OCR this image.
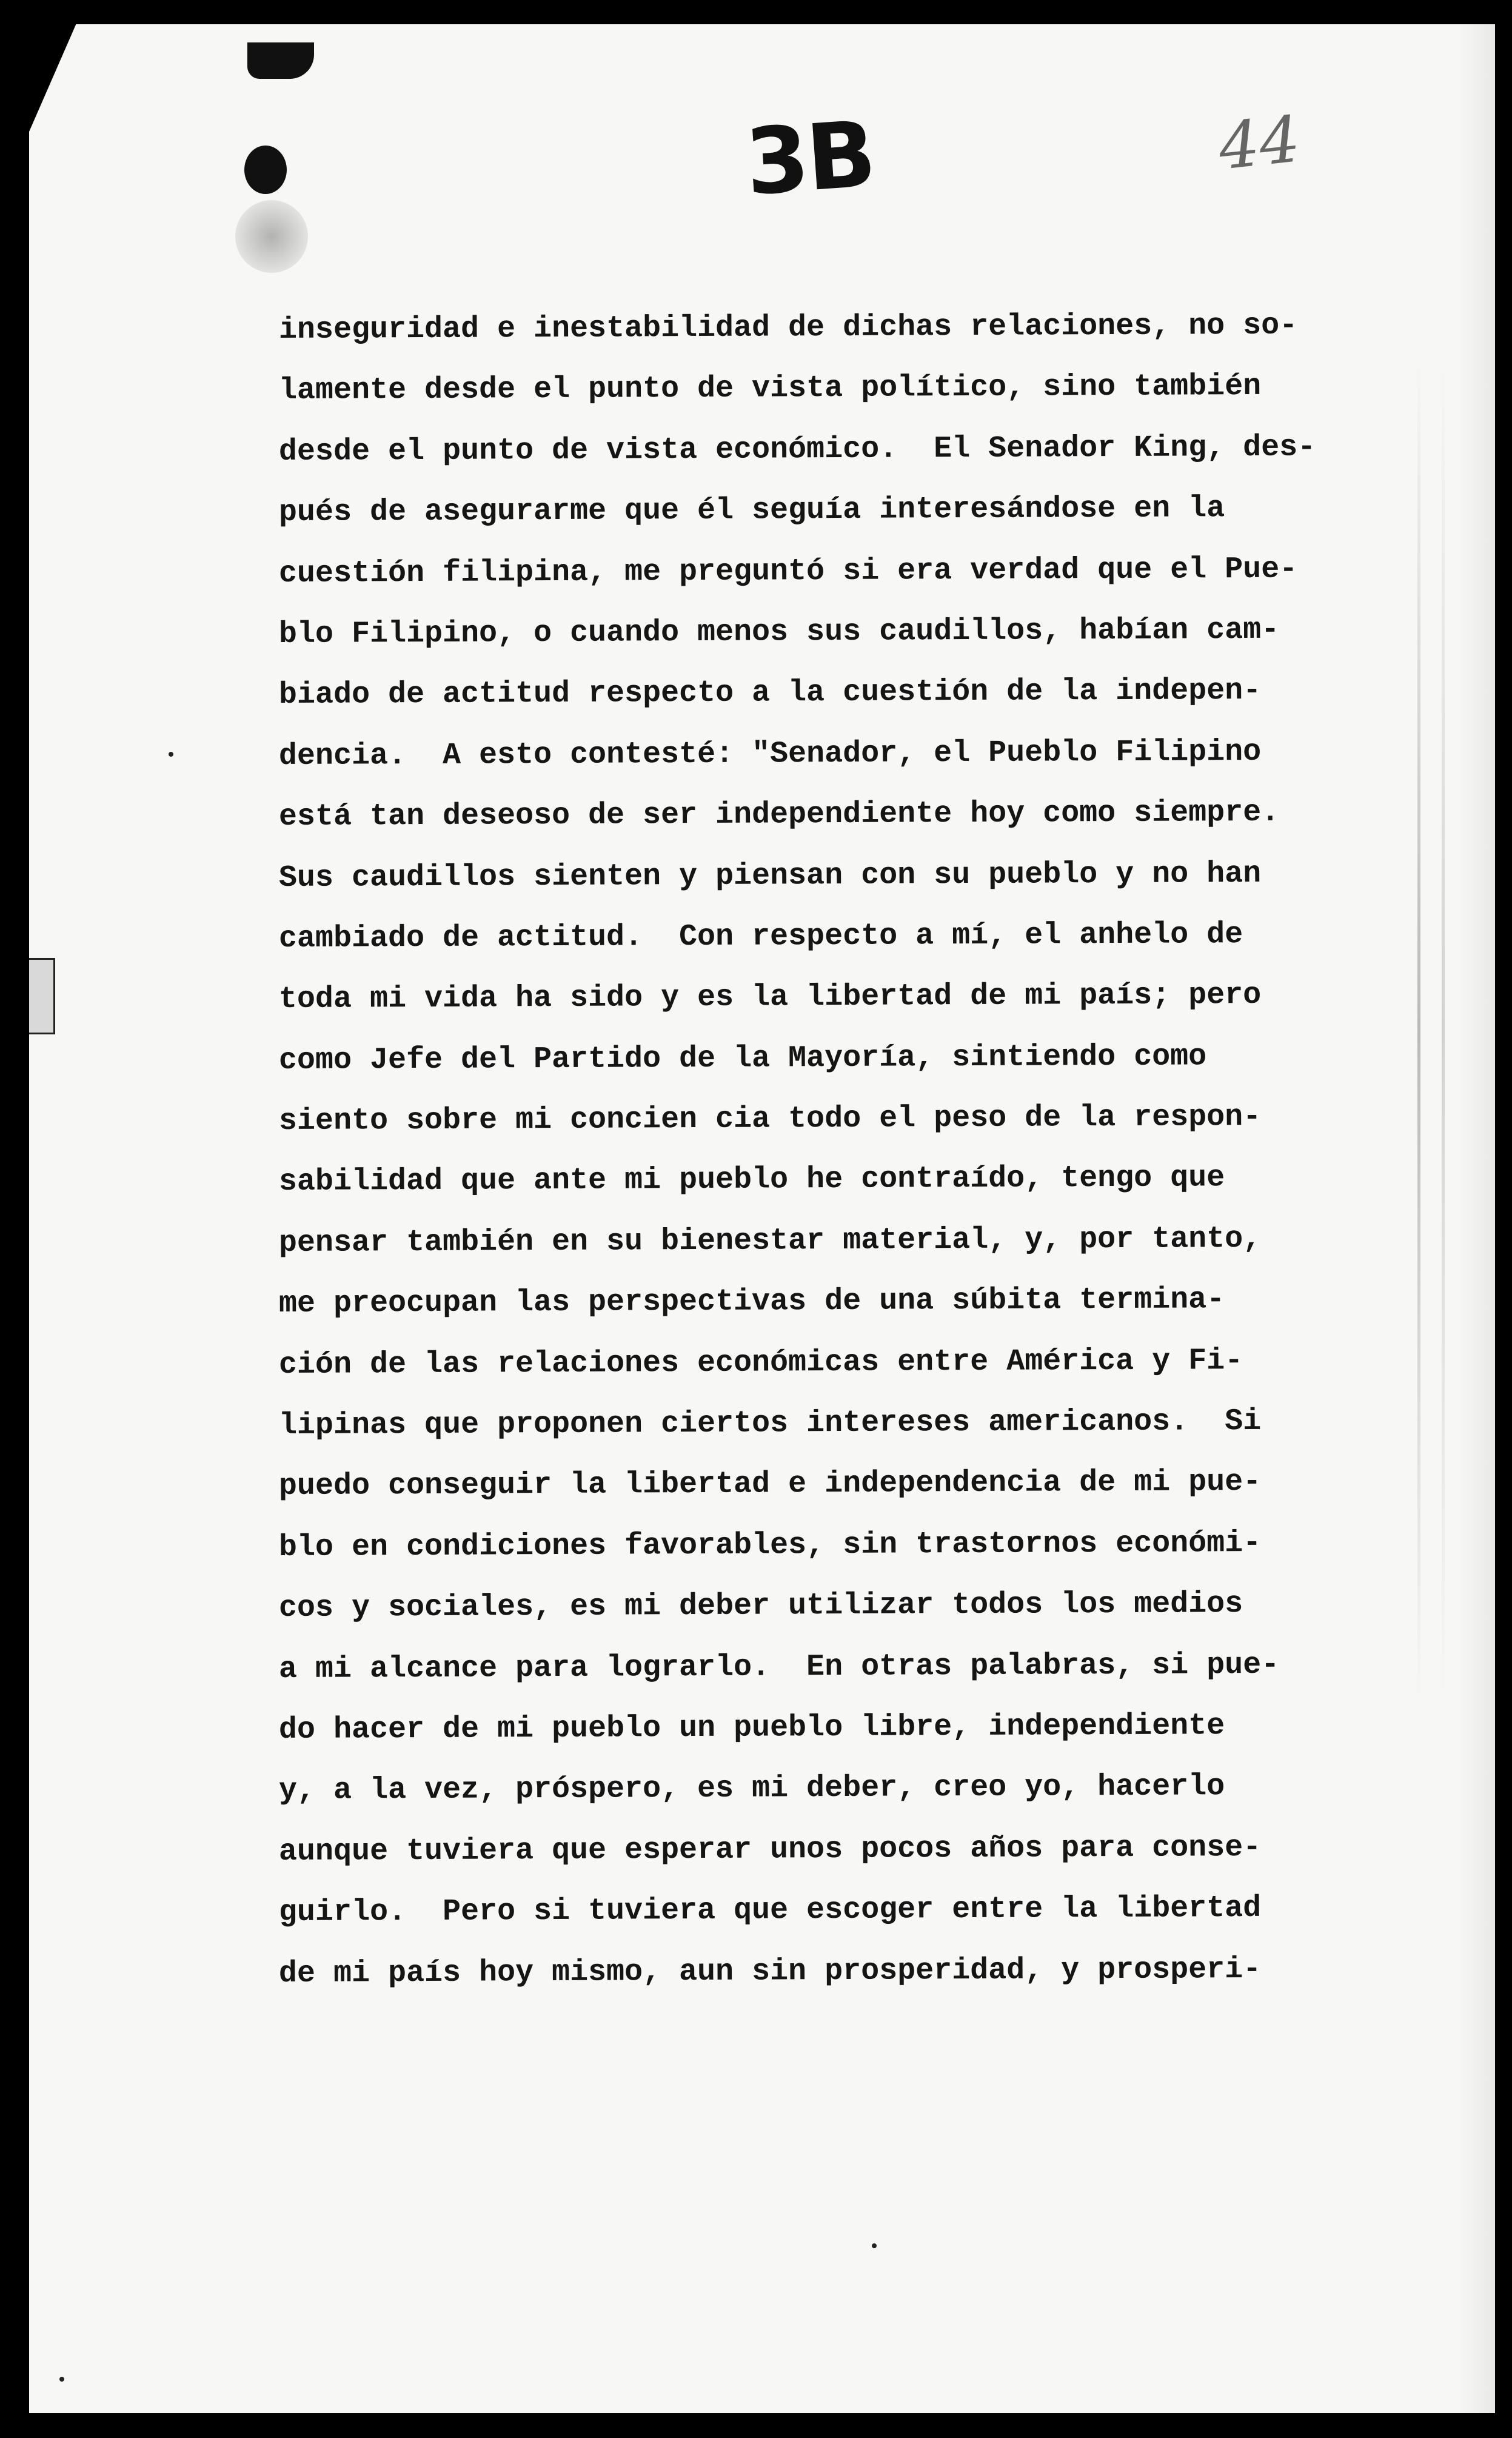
3B	44
inseguridad e inestabilidad de dichas relaciones, no so-
lamente desde el punto de vista político, sino también
desde el punto de vista económico.  El Senador King, des-
pués de asegurarme que él seguía interesándose en la
cuestión filipina, me preguntó si era verdad que el Pue-
blo Filipino, o cuando menos sus caudillos, habían cam-
biado de actitud respecto a la cuestión de la indepen-
dencia.  A esto contesté: "Senador, el Pueblo Filipino
está tan deseoso de ser independiente hoy como siempre.
Sus caudillos sienten y piensan con su pueblo y no han
cambiado de actitud.  Con respecto a mí, el anhelo de
toda mi vida ha sido y es la libertad de mi país; pero
como Jefe del Partido de la Mayoría, sintiendo como
siento sobre mi concien cia todo el peso de la respon-
sabilidad que ante mi pueblo he contraído, tengo que
pensar también en su bienestar material, y, por tanto,
me preocupan las perspectivas de una súbita termina-
ción de las relaciones económicas entre América y Fi-
lipinas que proponen ciertos intereses americanos.  Si
puedo conseguir la libertad e independencia de mi pue-
blo en condiciones favorables, sin trastornos económi-
cos y sociales, es mi deber utilizar todos los medios
a mi alcance para lograrlo.  En otras palabras, si pue-
do hacer de mi pueblo un pueblo libre, independiente
y, a la vez, próspero, es mi deber, creo yo, hacerlo
aunque tuviera que esperar unos pocos años para conse-
guirlo.  Pero si tuviera que escoger entre la libertad
de mi país hoy mismo, aun sin prosperidad, y prosperi-
